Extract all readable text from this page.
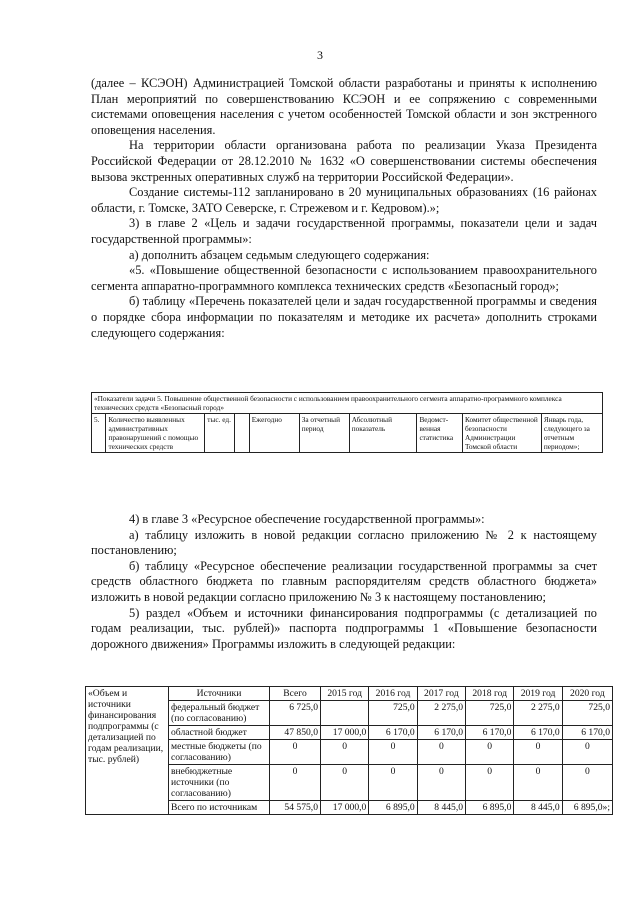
3

(далее – КСЭОН) Администрацией Томской области разработаны и приняты к исполнению План мероприятий по совершенствованию КСЭОН и ее сопряжению с современными системами оповещения населения с учетом особенностей Томской области и зон экстренного оповещения населения.

На территории области организована работа по реализации Указа Президента Российской Федерации от 28.12.2010 № 1632 «О совершенствовании системы обеспечения вызова экстренных оперативных служб на территории Российской Федерации».

Создание системы-112 запланировано в 20 муниципальных образованиях (16 районах области, г. Томске, ЗАТО Северске, г. Стрежевом и г. Кедровом).»;

3) в главе 2 «Цель и задачи государственной программы, показатели цели и задач государственной программы»:

а) дополнить абзацем седьмым следующего содержания:

«5. «Повышение общественной безопасности с использованием правоохранительного сегмента аппаратно-программного комплекса технических средств «Безопасный город»;

б) таблицу «Перечень показателей цели и задач государственной программы и сведения о порядке сбора информации по показателям и методике их расчета» дополнить строками следующего содержания:

«Показатели задачи 5. Повышение общественной безопасности с использованием правоохранительного сегмента аппаратно-программного комплекса технических средств «Безопасный город»
5.	Количество выявленных административных правонарушений с помощью технических средств	тыс. ед.		Ежегодно	За отчетный период	Абсолютный показатель	Ведомст-венная статистика	Комитет общественной безопасности Администрации Томской области	Январь года, следующего за отчетным периодом»;

4) в главе 3 «Ресурсное обеспечение государственной программы»:

а) таблицу изложить в новой редакции согласно приложению № 2 к настоящему постановлению;

б) таблицу «Ресурсное обеспечение реализации государственной программы за счет средств областного бюджета по главным распорядителям средств областного бюджета» изложить в новой редакции согласно приложению № 3 к настоящему постановлению;

5) раздел «Объем и источники финансирования подпрограммы (с детализацией по годам реализации, тыс. рублей)» паспорта подпрограммы 1 «Повышение безопасности дорожного движения» Программы изложить в следующей редакции:

«Объем и источники финансирования подпрограммы (с детализацией по годам реализации, тыс. рублей)	Источники	Всего	2015 год	2016 год	2017 год	2018 год	2019 год	2020 год
	федеральный бюджет (по согласованию)	6 725,0		725,0	2 275,0	725,0	2 275,0	725,0
	областной бюджет	47 850,0	17 000,0	6 170,0	6 170,0	6 170,0	6 170,0	6 170,0
	местные бюджеты (по согласованию)	0	0	0	0	0	0	0
	внебюджетные источники (по согласованию)	0	0	0	0	0	0	0
	Всего по источникам	54 575,0	17 000,0	6 895,0	8 445,0	6 895,0	8 445,0	6 895,0»;
